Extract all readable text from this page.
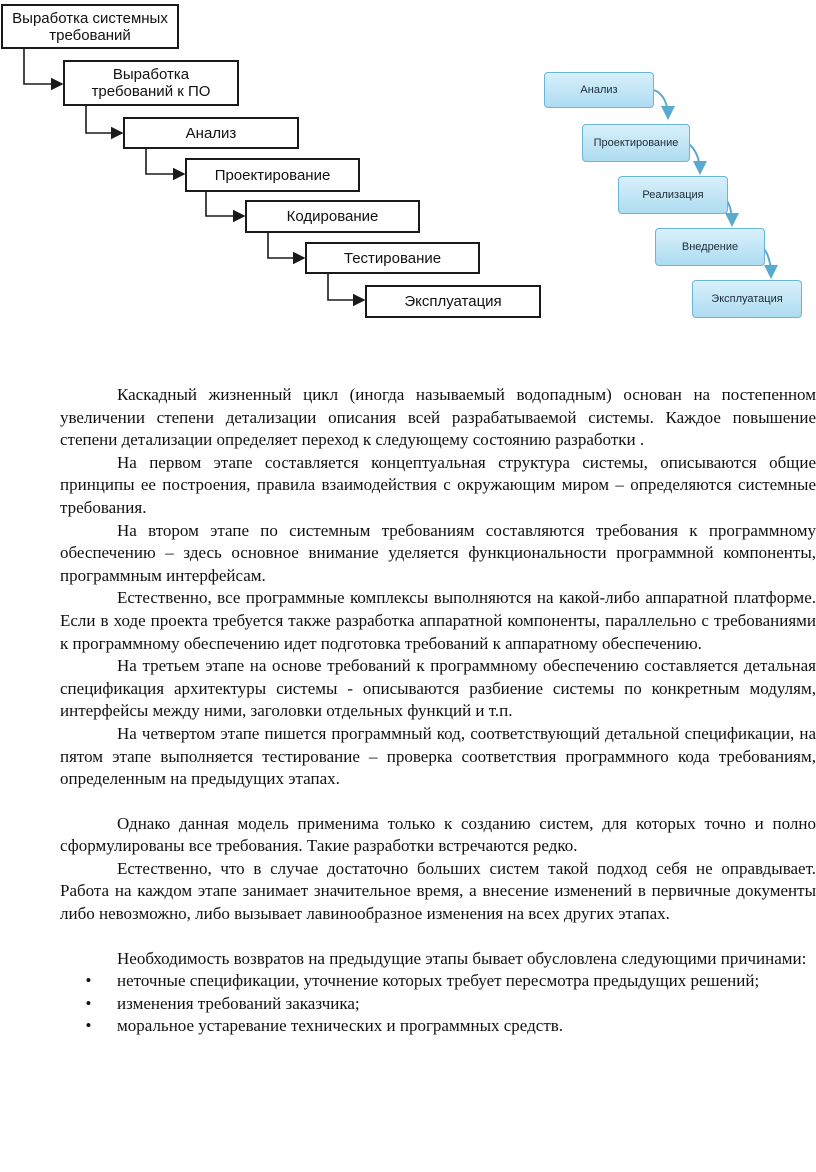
Выработка системных
требований
Выработка
требований к ПО
Анализ
Проектирование
Кодирование
Тестирование
Эксплуатация
Анализ
Проектирование
Реализация
Внедрение
Эксплуатация

Каскадный жизненный цикл (иногда называемый водопадным) основан на постепенном увеличении степени детализации описания всей разрабатываемой системы. Каждое повышение степени детализации определяет переход к следующему состоянию разработки .

На первом этапе составляется концептуальная структура системы, описываются общие принципы ее построения, правила взаимодействия с окружающим миром – определяются системные требования.

На втором этапе по системным требованиям составляются требования к программному обеспечению – здесь основное внимание уделяется функциональности программной компоненты, программным интерфейсам.

Естественно, все программные комплексы выполняются на какой-либо аппаратной платформе. Если в ходе проекта требуется также разработка аппаратной компоненты, параллельно с требованиями к программному обеспечению идет подготовка требований к аппаратному обеспечению.

На третьем этапе на основе требований к программному обеспечению составляется детальная спецификация архитектуры системы - описываются разбиение системы по конкретным модулям, интерфейсы между ними, заголовки отдельных функций и т.п.

На четвертом этапе пишется программный код, соответствующий детальной спецификации, на пятом этапе выполняется тестирование – проверка соответствия программного кода требованиям, определенным на предыдущих этапах.

Однако данная модель применима только к созданию систем, для которых точно и полно сформулированы все требования. Такие разработки встречаются редко.

Естественно, что в случае достаточно больших систем такой подход себя не оправдывает. Работа на каждом этапе занимает значительное время, а внесение изменений в первичные документы либо невозможно, либо вызывает лавинообразное изменения на всех других этапах.

Необходимость возвратов на предыдущие этапы бывает обусловлена следующими причинами:

• неточные спецификации, уточнение которых требует пересмотра предыдущих решений;
• изменения требований заказчика;
• моральное устаревание технических и программных средств.
